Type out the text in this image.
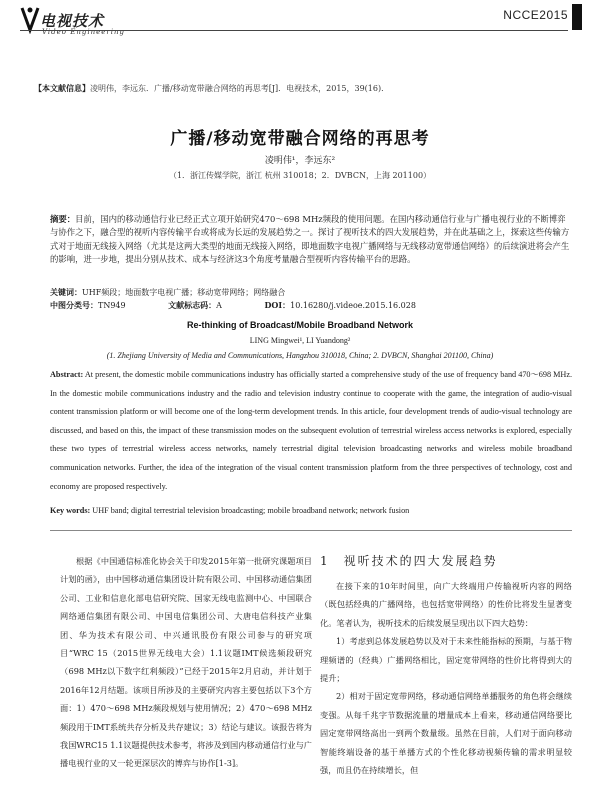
电视技术
Video Engineering
NCCE2015
【本文献信息】凌明伟，李远东．广播/移动宽带融合网络的再思考[J]．电视技术，2015，39(16)．
广播/移动宽带融合网络的再思考
凌明伟¹，李远东²
（1．浙江传媒学院，浙江 杭州 310018；2．DVBCN，上海 201100）
摘要：目前，国内的移动通信行业已经正式立项开始研究470～698 MHz频段的使用问题。在国内移动通信行业与广播电视行业的不断博弈与协作之下，融合型的视听内容传输平台或将成为长远的发展趋势之一。探讨了视听技术的四大发展趋势，并在此基础之上，探索这些传输方式对于地面无线接入网络（尤其是这两大类型的地面无线接入网络，即地面数字电视广播网络与无线移动宽带通信网络）的后续演进将会产生的影响，进一步地，提出分别从技术、成本与经济这3个角度考量融合型视听内容传输平台的思路。
关键词：UHF频段；地面数字电视广播；移动宽带网络；网络融合
中图分类号：TN949	文献标志码：A	DOI：10.16280/j.videoe.2015.16.028
Re-thinking of Broadcast/Mobile Broadband Network
LING Mingwei¹, LI Yuandong²
(1. Zhejiang University of Media and Communications, Hangzhou 310018, China; 2. DVBCN, Shanghai 201100, China)
Abstract: At present, the domestic mobile communications industry has officially started a comprehensive study of the use of frequency band 470～698 MHz. In the domestic mobile communications industry and the radio and television industry continue to cooperate with the game, the integration of audio-visual content transmission platform or will become one of the long-term development trends. In this article, four development trends of audio-visual technology are discussed, and based on this, the impact of these transmission modes on the subsequent evolution of terrestrial wireless access networks is explored, especially these two types of terrestrial wireless access networks, namely terrestrial digital television broadcasting networks and wireless mobile broadband communication networks. Further, the idea of the integration of the visual content transmission platform from the three perspectives of technology, cost and economy are proposed respectively.
Key words: UHF band; digital terrestrial television broadcasting; mobile broadband network; network fusion

根据《中国通信标准化协会关于印发2015年第一批研究课题项目计划的函》，由中国移动通信集团设计院有限公司、中国移动通信集团公司、工业和信息化部电信研究院、国家无线电监测中心、中国联合网络通信集团有限公司、中国电信集团公司、大唐电信科技产业集团、华为技术有限公司、中兴通讯股份有限公司参与的研究项目“WRC 15（2015世界无线电大会）1.1议题IMT候选频段研究（698 MHz以下数字红利频段）”已经于2015年2月启动，并计划于2016年12月结题。该项目所涉及的主要研究内容主要包括以下3个方面：1）470～698 MHz频段规划与使用情况；2）470～698 MHz频段用于IMT系统共存分析及共存建议；3）结论与建议。该报告将为我国WRC15 1.1议题提供技术参考，将涉及到国内移动通信行业与广播电视行业的又一轮更深层次的博弈与协作[1-3]。

1 视听技术的四大发展趋势

在接下来的10年时间里，向广大终端用户传输视听内容的网络（既包括经典的广播网络，也包括宽带网络）的性价比将发生显著变化。笔者认为，视听技术的后续发展呈现出以下四大趋势：

1）考虑到总体发展趋势以及对于未来性能指标的预期，与基于物理频谱的（经典）广播网络相比，固定宽带网络的性价比将得到大的提升；

2）相对于固定宽带网络，移动通信网络单播服务的角色将会继续变强。从每千兆字节数据流量的增量成本上看来，移动通信网络要比固定宽带网络高出一到两个数量级。虽然在目前，人们对于面向移动智能终端设备的基于单播方式的个性化移动视频传输的需求明显较强，而且仍在持续增长，但
